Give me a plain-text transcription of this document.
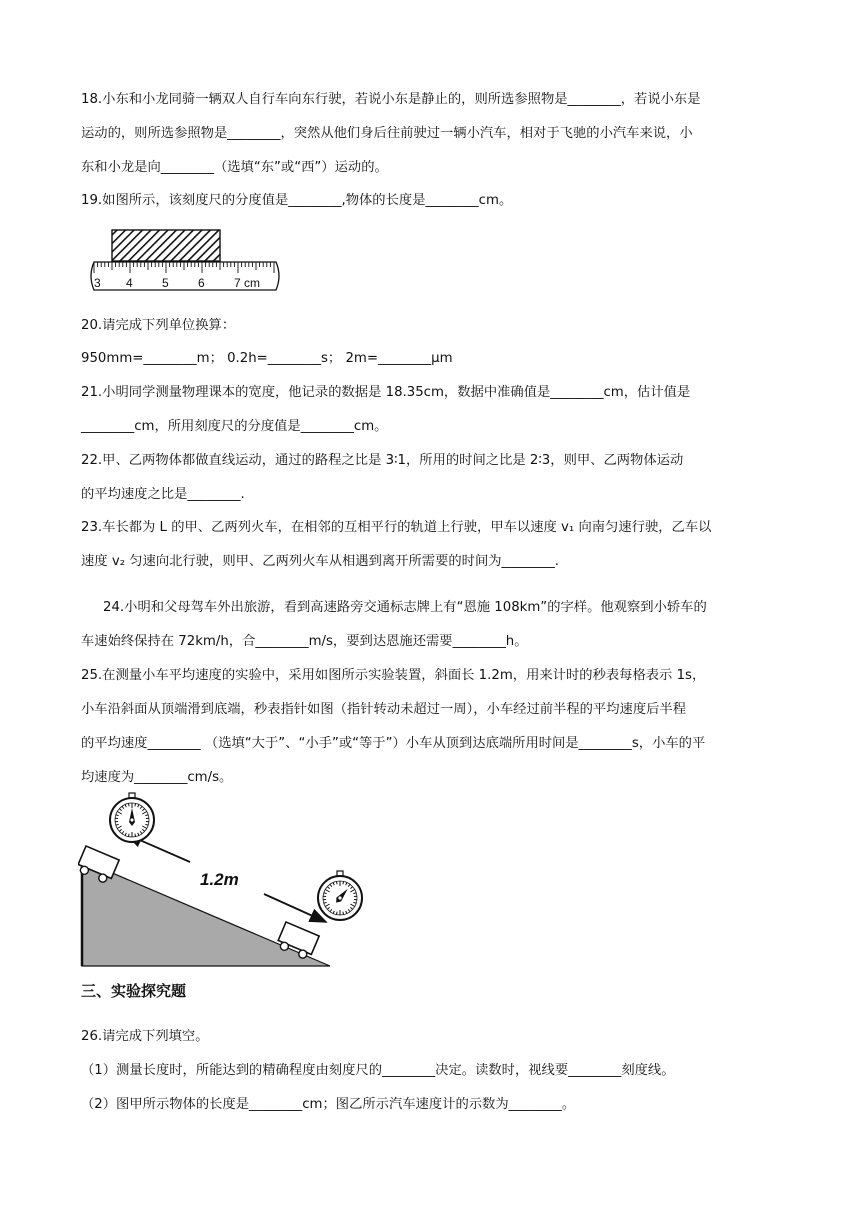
18.小东和小龙同骑一辆双人自行车向东行驶，若说小东是静止的，则所选参照物是________，若说小东是
运动的，则所选参照物是________，突然从他们身后往前驶过一辆小汽车，相对于飞驰的小汽车来说，小
东和小龙是向________（选填“东”或“西”）运动的。
19.如图所示，该刻度尺的分度值是________,物体的长度是________cm。
3 4 5 6 7 cm
20.请完成下列单位换算：
950mm=________m； 0.2h=________s； 2m=________μm
21.小明同学测量物理课本的宽度，他记录的数据是 18.35cm，数据中准确值是________cm，估计值是
________cm，所用刻度尺的分度值是________cm。
22.甲、乙两物体都做直线运动，通过的路程之比是 3∶1，所用的时间之比是 2∶3，则甲、乙两物体运动
的平均速度之比是________.
23.车长都为 L 的甲、乙两列火车，在相邻的互相平行的轨道上行驶，甲车以速度 v₁ 向南匀速行驶，乙车以
速度 v₂ 匀速向北行驶，则甲、乙两列火车从相遇到离开所需要的时间为________.
24.小明和父母驾车外出旅游，看到高速路旁交通标志牌上有“恩施 108km”的字样。他观察到小轿车的
车速始终保持在 72km/h，合________m/s，要到达恩施还需要________h。
25.在测量小车平均速度的实验中，采用如图所示实验装置，斜面长 1.2m，用来计时的秒表每格表示 1s，
小车沿斜面从顶端滑到底端，秒表指针如图（指针转动未超过一周），小车经过前半程的平均速度后半程
的平均速度________ （选填“大于”、“小手”或“等于”）小车从顶到达底端所用时间是________s，小车的平
均速度为________cm/s。
1.2m
三、实验探究题
26.请完成下列填空。
（1）测量长度时，所能达到的精确程度由刻度尺的________决定。读数时，视线要________刻度线。
（2）图甲所示物体的长度是________cm；图乙所示汽车速度计的示数为________。
